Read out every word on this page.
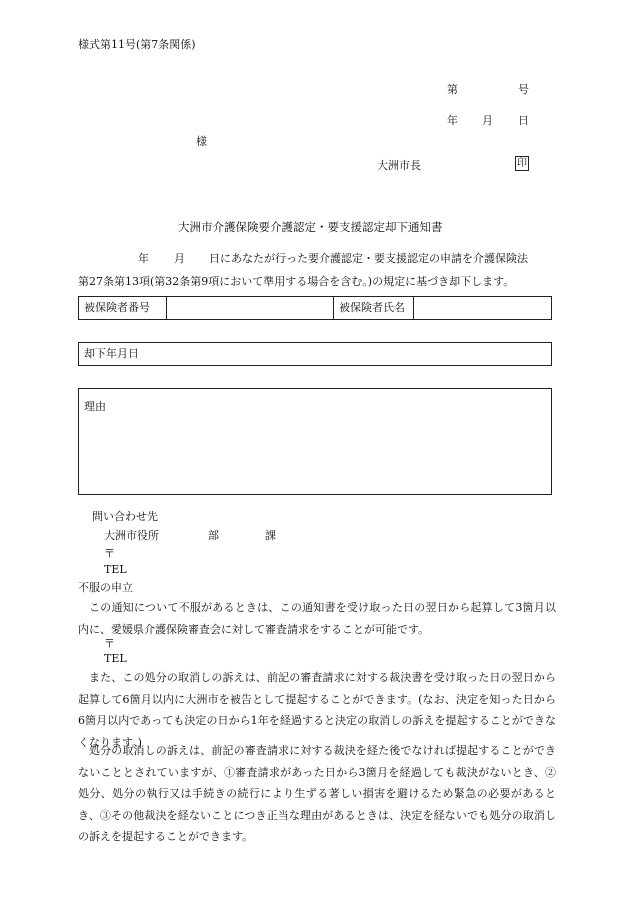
様式第11号(第7条関係)
第	号
年 月 日
様
大洲市長	印
大洲市介護保険要介護認定・要支援認定却下通知書
年 月 日にあなたが行った要介護認定・要支援認定の申請を介護保険法
第27条第13項(第32条第9項において準用する場合を含む。)の規定に基づき却下します。
被保険者番号	被保険者氏名
却下年月日
理由
問い合わせ先
大洲市役所	部	課
〒
TEL
不服の申立
この通知について不服があるときは、この通知書を受け取った日の翌日から起算して3箇月以内に、愛媛県介護保険審査会に対して審査請求をすることが可能です。
〒
TEL
また、この処分の取消しの訴えは、前記の審査請求に対する裁決書を受け取った日の翌日から起算して6箇月以内に大洲市を被告として提起することができます。(なお、決定を知った日から6箇月以内であっても決定の日から1年を経過すると決定の取消しの訴えを提起することができなくなります。)
処分の取消しの訴えは、前記の審査請求に対する裁決を経た後でなければ提起することができないこととされていますが、①審査請求があった日から3箇月を経過しても裁決がないとき、②処分、処分の執行又は手続きの続行により生ずる著しい損害を避けるため緊急の必要があるとき、③その他裁決を経ないことにつき正当な理由があるときは、決定を経ないでも処分の取消しの訴えを提起することができます。
